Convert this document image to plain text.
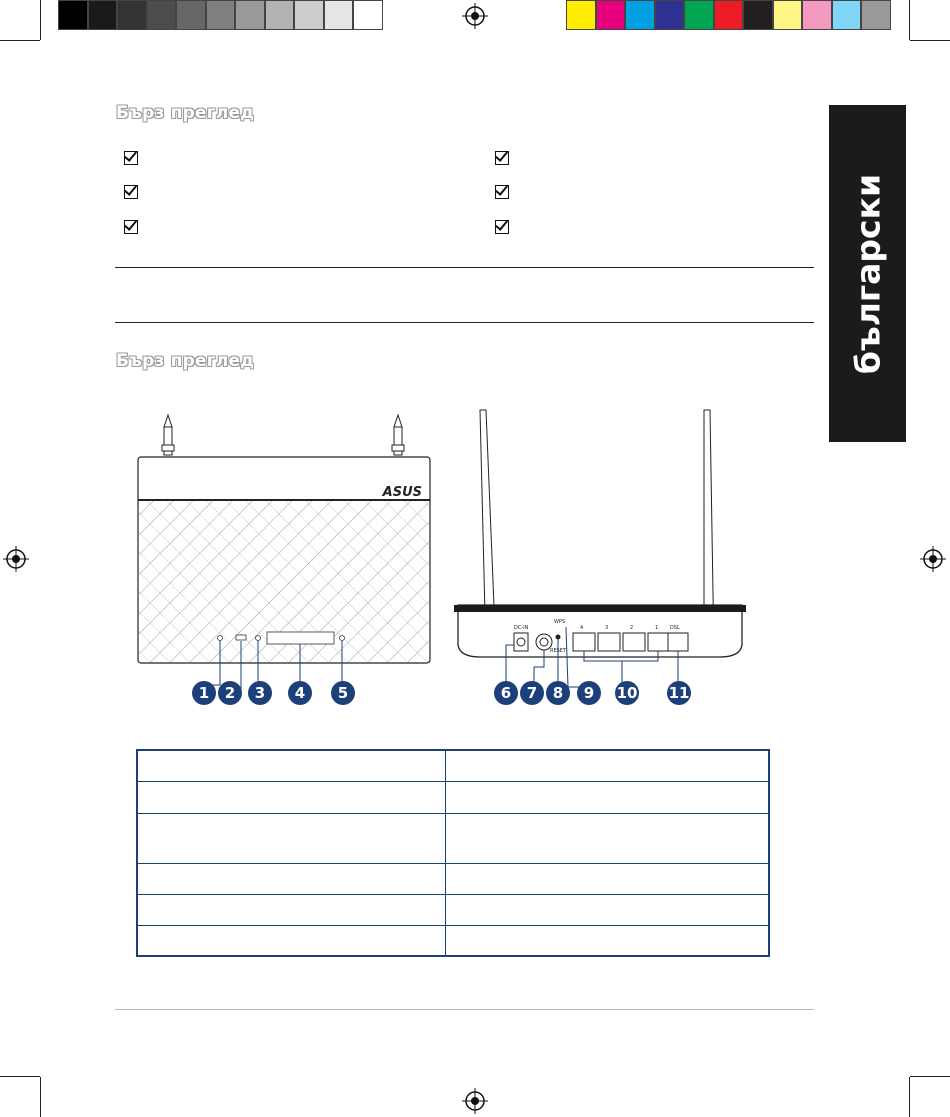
български
Бърз преглед
Бърз преглед
ASUS
1	2	3	4	5
DC-IN
WPS
RESET
4	3	2	1 DSL
6	7	8	9	10 11
